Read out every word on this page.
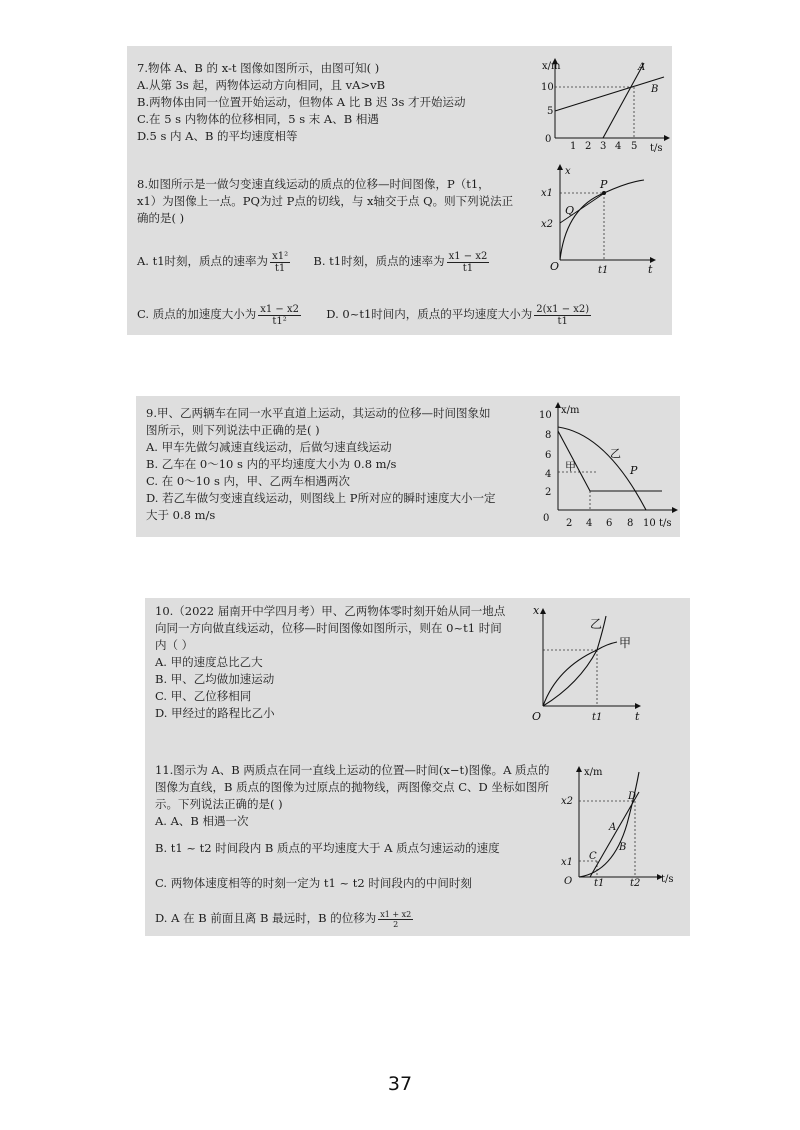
7.物体 A、B 的 x-t 图像如图所示，由图可知( )
A.从第 3s 起，两物体运动方向相同，且 vA>vB
B.两物体由同一位置开始运动，但物体 A 比 B 迟 3s 才开始运动
C.在 5 s 内物体的位移相同，5 s 末 A、B 相遇
D.5 s 内 A、B 的平均速度相等
x/m
t/s
0
5
10
1 2 3 4 5
A
B
8.如图所示是一做匀变速直线运动的质点的位移—时间图像，P（t1，
x1）为图像上一点。PQ为过 P点的切线，与 x轴交于点 Q。则下列说法正
确的是( )
A. t1时刻，质点的速率为 $\frac{\text{x1²}}{t1} B$. t1时刻，质点的速率为 $\frac{x1 - x2}{t1}$
C. 质点的加速度大小为 $\frac{x1 - x2}{\text{t1²}} D$. 0~t1时间内，质点的平均速度大小为 $\frac{2(x1 - x2)}{t1}$
x
t
O
x1
x2
t1
P
Q
9.甲、乙两辆车在同一水平直道上运动，其运动的位移—时间图象如
图所示，则下列说法中正确的是( )
A. 甲车先做匀减速直线运动，后做匀速直线运动
B. 乙车在 0～10 s 内的平均速度大小为 0.8 m/s
C. 在 0～10 s 内，甲、乙两车相遇两次
D. 若乙车做匀变速直线运动，则图线上 P所对应的瞬时速度大小一定
大于 0.8 m/s
x/m
t/s
0
10
8
6
4
2
2 4 6 8 10
甲
乙
P
10.（2022 届南开中学四月考）甲、乙两物体零时刻开始从同一地点
向同一方向做直线运动，位移—时间图像如图所示，则在 0~t1 时间
内（ ）
A. 甲的速度总比乙大
B. 甲、乙均做加速运动
C. 甲、乙位移相同
D. 甲经过的路程比乙小
x
t
O	t1
乙
甲
11.图示为 A、B 两质点在同一直线上运动的位置—时间(x−t)图像。A 质点的
图像为直线，B 质点的图像为过原点的抛物线，两图像交点 C、D 坐标如图所
示。下列说法正确的是( )
A. A、B 相遇一次
B. t1 ~ t2 时间段内 B 质点的平均速度大于 A 质点匀速运动的速度
C. 两物体速度相等的时刻一定为 t1 ~ t2 时间段内的中间时刻
D. A 在 B 前面且离 B 最远时，B 的位移为 $\frac{x1 + x2}{2}$
x/m
t/s
O
x2
x1
t1	t2
C
D
A
B
37
